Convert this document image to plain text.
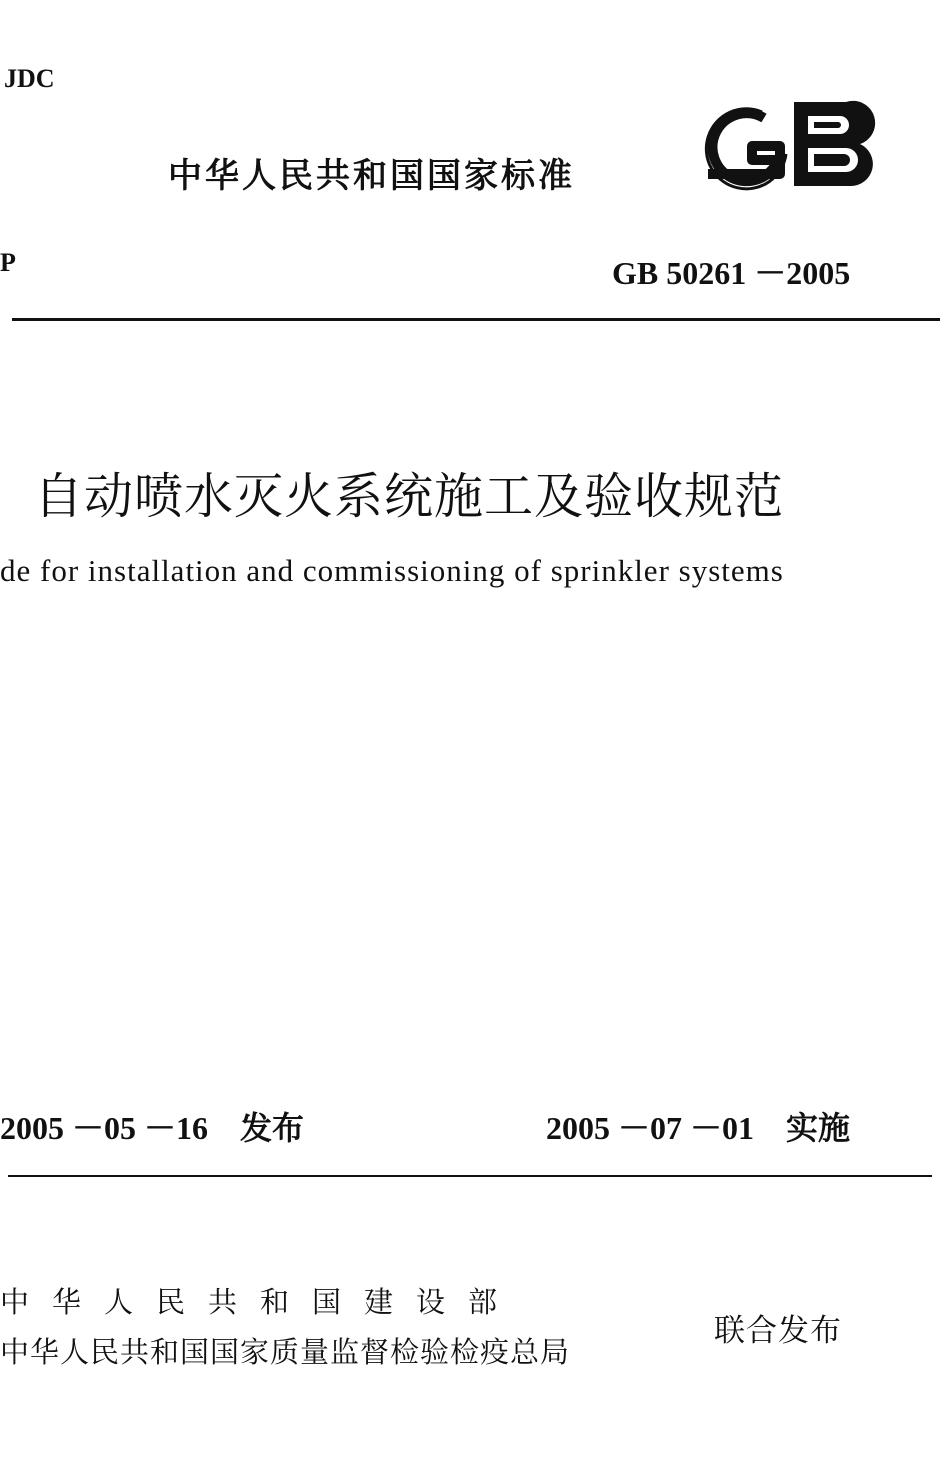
JDC
中华人民共和国国家标准
P	GB 50261 －2005
自动喷水灭火系统施工及验收规范
de for installation and commissioning of sprinkler systems
2005 －05 －16　发布	2005 －07 －01　实施
中华人民共和国建设部
中华人民共和国国家质量监督检验检疫总局
联合发布
